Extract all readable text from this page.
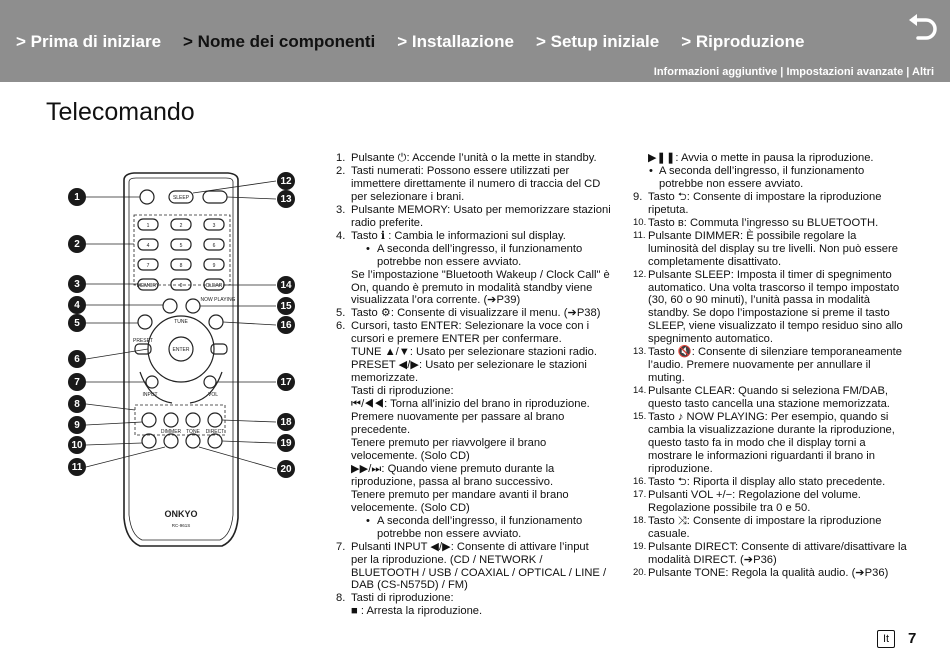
> Prima di iniziare > Nome dei componenti > Installazione > Setup iniziale > Riproduzione
Informazioni aggiuntive | Impostazioni avanzate | Altri
Telecomando
SLEEP
MEMORY	CLEAR
NOW PLAYING
TUNE
PRESET
ENTER
INPUT	VOL
DIMMER TONE DIRECT
1	2	3
4	5	6
7	8	9
0
ONKYO
RC-961S
1
2
3
4
5
6
7
8
9
10
11
12
13
14
15
16
17
18
19
20
1. Pulsante ⏻: Accende l’unità o la mette in standby.
2. Tasti numerati: Possono essere utilizzati per
immettere direttamente il numero di traccia del CD
per selezionare i brani.
3. Pulsante MEMORY: Usato per memorizzare stazioni
radio preferite.
4. Tasto ℹ : Cambia le informazioni sul display.
• A seconda dell’ingresso, il funzionamento
potrebbe non essere avviato.
Se l’impostazione "Bluetooth Wakeup / Clock Call" è
On, quando è premuto in modalità standby viene
visualizzata l’ora corrente. (➔P39)
5. Tasto ⚙: Consente di visualizzare il menu. (➔P38)
6. Cursori, tasto ENTER: Selezionare la voce con i
cursori e premere ENTER per confermare.
TUNE ▲/▼: Usato per selezionare stazioni radio.
PRESET ◀/▶: Usato per selezionare le stazioni
memorizzate.
Tasti di riproduzione:
⏮/◀◀: Torna all’inizio del brano in riproduzione.
Premere nuovamente per passare al brano
precedente.
Tenere premuto per riavvolgere il brano
velocemente. (Solo CD)
▶▶/⏭: Quando viene premuto durante la
riproduzione, passa al brano successivo.
Tenere premuto per mandare avanti il brano
velocemente. (Solo CD)
• A seconda dell’ingresso, il funzionamento
potrebbe non essere avviato.
7. Pulsanti INPUT ◀/▶: Consente di attivare l’input
per la riproduzione. (CD / NETWORK /
BLUETOOTH / USB / COAXIAL / OPTICAL / LINE /
DAB (CS-N575D) / FM)
8. Tasti di riproduzione:
■ : Arresta la riproduzione.
▶❚❚: Avvia o mette in pausa la riproduzione.
• A seconda dell’ingresso, il funzionamento
potrebbe non essere avviato.
9. Tasto ⮌: Consente di impostare la riproduzione
ripetuta.
10. Tasto ʙ: Commuta l’ingresso su BLUETOOTH.
11. Pulsante DIMMER: È possibile regolare la
luminosità del display su tre livelli. Non può essere
completamente disattivato.
12. Pulsante SLEEP: Imposta il timer di spegnimento
automatico. Una volta trascorso il tempo impostato
(30, 60 o 90 minuti), l’unità passa in modalità
standby. Se dopo l’impostazione si preme il tasto
SLEEP, viene visualizzato il tempo residuo sino allo
spegnimento automatico.
13. Tasto 🔇: Consente di silenziare temporaneamente
l’audio. Premere nuovamente per annullare il
muting.
14. Pulsante CLEAR: Quando si seleziona FM/DAB,
questo tasto cancella una stazione memorizzata.
15. Tasto ♪ NOW PLAYING: Per esempio, quando si
cambia la visualizzazione durante la riproduzione,
questo tasto fa in modo che il display torni a
mostrare le informazioni riguardanti il brano in
riproduzione.
16. Tasto ⮌: Riporta il display allo stato precedente.
17. Pulsanti VOL +/−: Regolazione del volume.
Regolazione possibile tra 0 e 50.
18. Tasto ⤨: Consente di impostare la riproduzione
casuale.
19. Pulsante DIRECT: Consente di attivare/disattivare la
modalità DIRECT. (➔P36)
20. Pulsante TONE: Regola la qualità audio. (➔P36)
It	7
